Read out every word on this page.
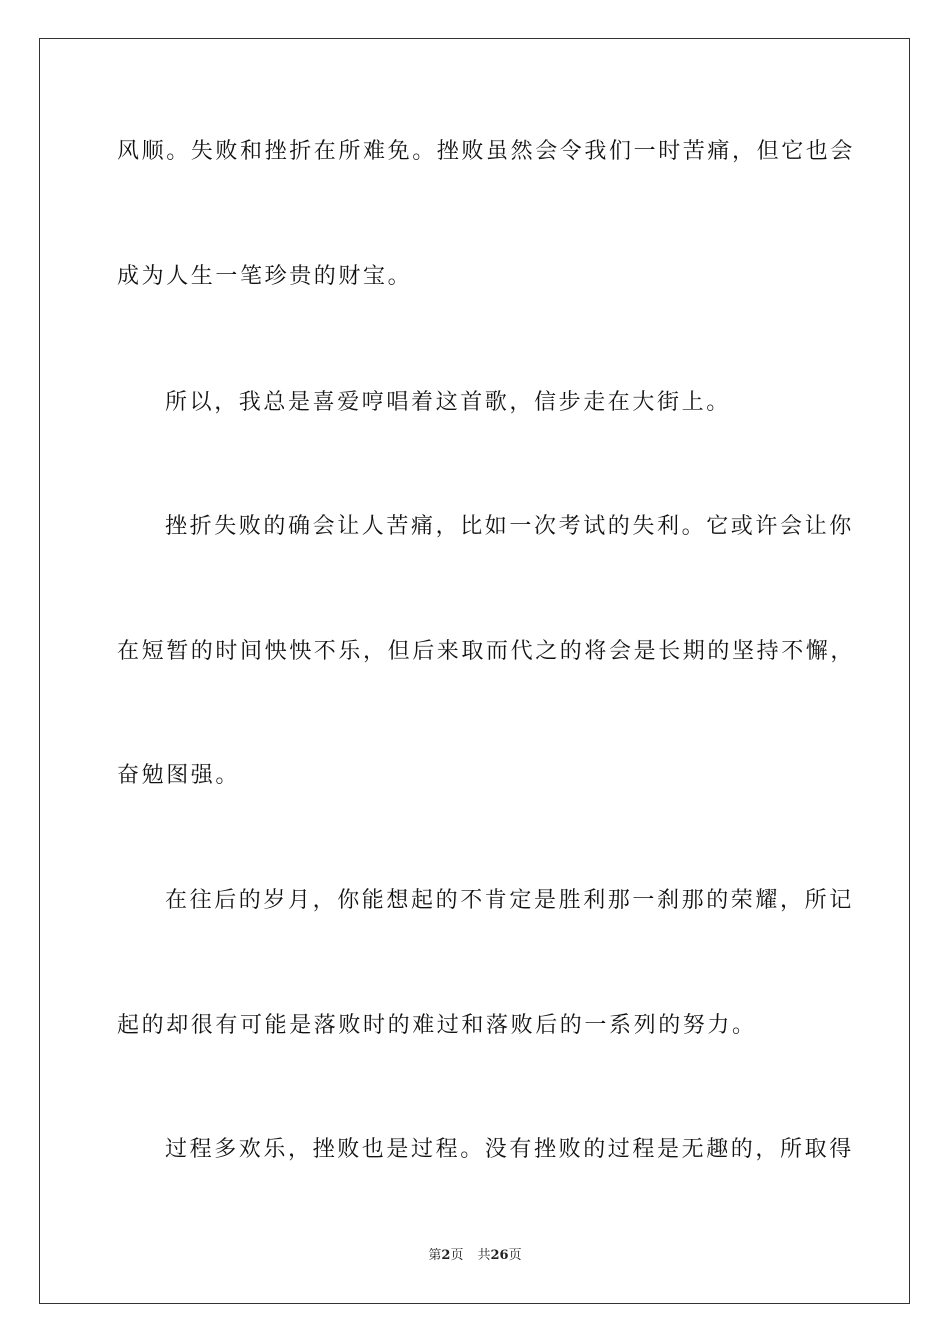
风顺。失败和挫折在所难免。挫败虽然会令我们一时苦痛，但它也会
成为人生一笔珍贵的财宝。
所以，我总是喜爱哼唱着这首歌，信步走在大街上。
挫折失败的确会让人苦痛，比如一次考试的失利。它或许会让你
在短暂的时间怏怏不乐，但后来取而代之的将会是长期的坚持不懈，
奋勉图强。
在往后的岁月，你能想起的不肯定是胜利那一刹那的荣耀，所记
起的却很有可能是落败时的难过和落败后的一系列的努力。
过程多欢乐，挫败也是过程。没有挫败的过程是无趣的，所取得
第2页 共26页
